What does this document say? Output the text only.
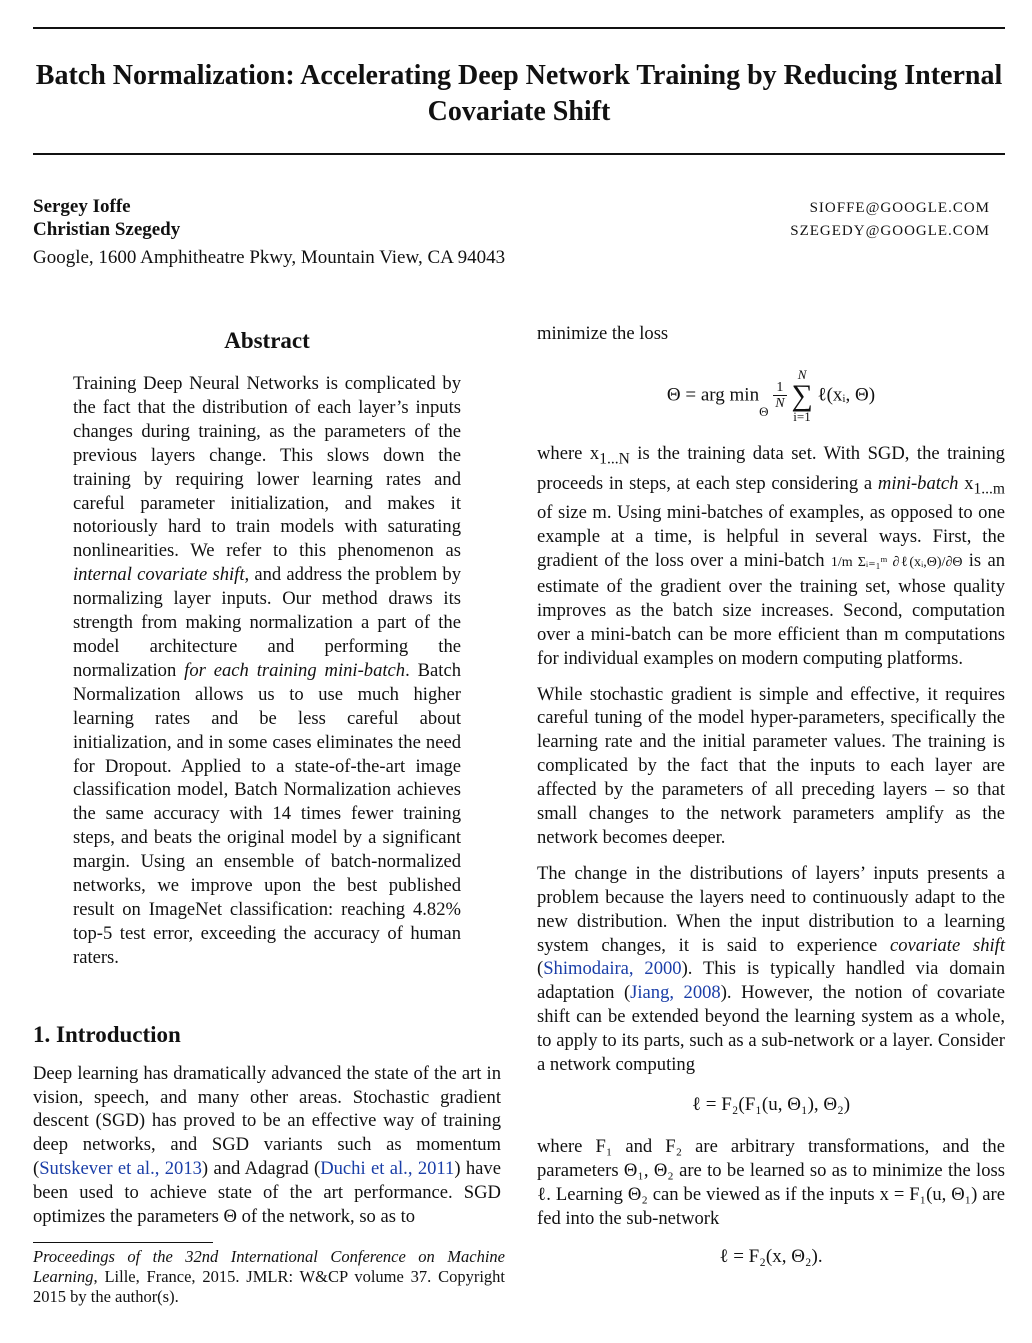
Batch Normalization: Accelerating Deep Network Training by Reducing Internal Covariate Shift
Sergey Ioffe
Christian Szegedy
SIOFFE@GOOGLE.COM
SZEGEDY@GOOGLE.COM
Google, 1600 Amphitheatre Pkwy, Mountain View, CA 94043
Abstract

Training Deep Neural Networks is complicated by the fact that the distribution of each layer’s inputs changes during training, as the parameters of the previous layers change. This slows down the training by requiring lower learning rates and careful parameter initialization, and makes it notoriously hard to train models with saturating nonlinearities. We refer to this phenomenon as internal covariate shift, and address the problem by normalizing layer inputs. Our method draws its strength from making normalization a part of the model architecture and performing the normalization for each training mini-batch. Batch Normalization allows us to use much higher learning rates and be less careful about initialization, and in some cases eliminates the need for Dropout. Applied to a state-of-the-art image classification model, Batch Normalization achieves the same accuracy with 14 times fewer training steps, and beats the original model by a significant margin. Using an ensemble of batch-normalized networks, we improve upon the best published result on ImageNet classification: reaching 4.82% top-5 test error, exceeding the accuracy of human raters.

1. Introduction

Deep learning has dramatically advanced the state of the art in vision, speech, and many other areas. Stochastic gradient descent (SGD) has proved to be an effective way of training deep networks, and SGD variants such as momentum (Sutskever et al., 2013) and Adagrad (Duchi et al., 2011) have been used to achieve state of the art performance. SGD optimizes the parameters Θ of the network, so as to

Proceedings of the 32nd International Conference on Machine Learning, Lille, France, 2015. JMLR: W&CP volume 37. Copyright 2015 by the author(s).

minimize the loss

Θ = arg minΘ
$\frac{1}{N}$
N
∑
i=1 ℓ(xᵢ, Θ)

where $x_{1...N}$ is the training data set. With SGD, the training proceeds in steps, at each step considering a mini-batch $x_{1...m}$ of size m. Using mini-batches of examples, as opposed to one example at a time, is helpful in several ways. First, the gradient of the loss over a mini-batch 1/m Σᵢ₌₁ᵐ ∂ℓ(xᵢ,Θ)/∂Θ is an estimate of the gradient over the training set, whose quality improves as the batch size increases. Second, computation over a mini-batch can be more efficient than m computations for individual examples on modern computing platforms.

While stochastic gradient is simple and effective, it requires careful tuning of the model hyper-parameters, specifically the learning rate and the initial parameter values. The training is complicated by the fact that the inputs to each layer are affected by the parameters of all preceding layers – so that small changes to the network parameters amplify as the network becomes deeper.

The change in the distributions of layers’ inputs presents a problem because the layers need to continuously adapt to the new distribution. When the input distribution to a learning system changes, it is said to experience covariate shift (Shimodaira, 2000). This is typically handled via domain adaptation (Jiang, 2008). However, the notion of covariate shift can be extended beyond the learning system as a whole, to apply to its parts, such as a sub-network or a layer. Consider a network computing

ℓ = F₂(F₁(u, Θ₁), Θ₂)

where F₁ and F₂ are arbitrary transformations, and the parameters Θ₁, Θ₂ are to be learned so as to minimize the loss ℓ. Learning Θ₂ can be viewed as if the inputs x = F₁(u, Θ₁) are fed into the sub-network

ℓ = F₂(x, Θ₂).
